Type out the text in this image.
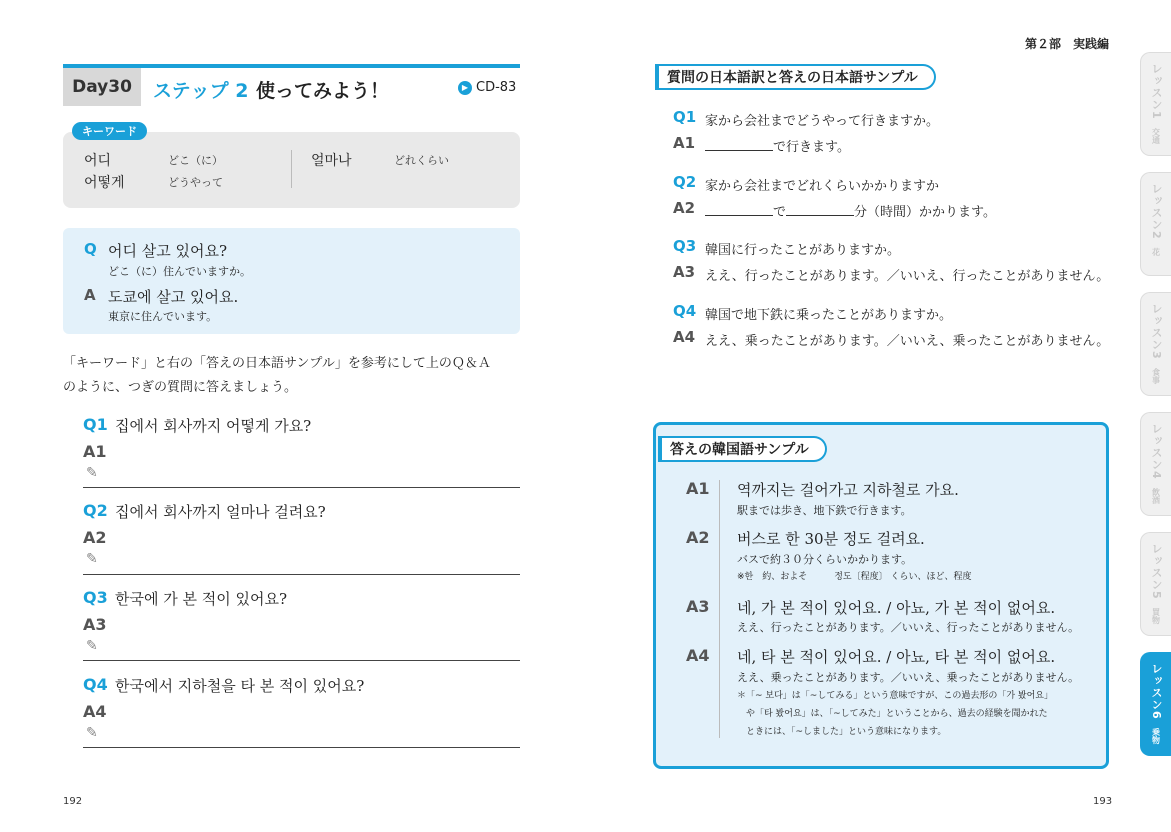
Day30	ステップ 2 使ってみよう！	▶ CD-83
キーワード
어디	どこ（に）
어떻게	どうやって
얼마나	どれくらい
Q 어디 살고 있어요?
どこ（に）住んでいますか。
A 도쿄에 살고 있어요.
東京に住んでいます。
「キーワード」と右の「答えの日本語サンプル」を参考にして上のＱ＆Ａ
のように、つぎの質問に答えましょう。
Q1 집에서 회사까지 어떻게 가요?
A1
✎
Q2 집에서 회사까지 얼마나 걸려요?
A2
✎
Q3 한국에 가 본 적이 있어요?
A3
✎
Q4 한국에서 지하철을 타 본 적이 있어요?
A4
✎
192
第２部　実践編
質問の日本語訳と答えの日本語サンプル
Q1 家から会社までどうやって行きますか。
A1	で行きます。
Q2 家から会社までどれくらいかかりますか
A2	で	分（時間）かかります。
Q3 韓国に行ったことがありますか。
A3 ええ、行ったことがあります。／いいえ、行ったことがありません。
Q4 韓国で地下鉄に乗ったことがありますか。
A4 ええ、乗ったことがあります。／いいえ、乗ったことがありません。
答えの韓国語サンプル
A1 역까지는 걸어가고 지하철로 가요.
駅までは歩き、地下鉄で行きます。
A2 버스로 한 30분 정도 걸려요.
バスで約３０分くらいかかります。
※한　約、およそ　　　정도〔程度〕 くらい、ほど、程度
A3 네, 가 본 적이 있어요. / 아뇨, 가 본 적이 없어요.
ええ、行ったことがあります。／いいえ、行ったことがありません。
A4 네, 타 본 적이 있어요. / 아뇨, 타 본 적이 없어요.
ええ、乗ったことがあります。／いいえ、乗ったことがありません。
＊「~ 보다」は「~してみる」という意味ですが、この過去形の「가 봤어요」
や「타 봤어요」は、「~してみた」ということから、過去の経験を聞かれた
ときには、「~しました」という意味になります。
193
レッスン1
交通
レッスン2
花
レッスン3
食事
レッスン4
飲酒
レッスン5
買物
レッスン6
乗物
